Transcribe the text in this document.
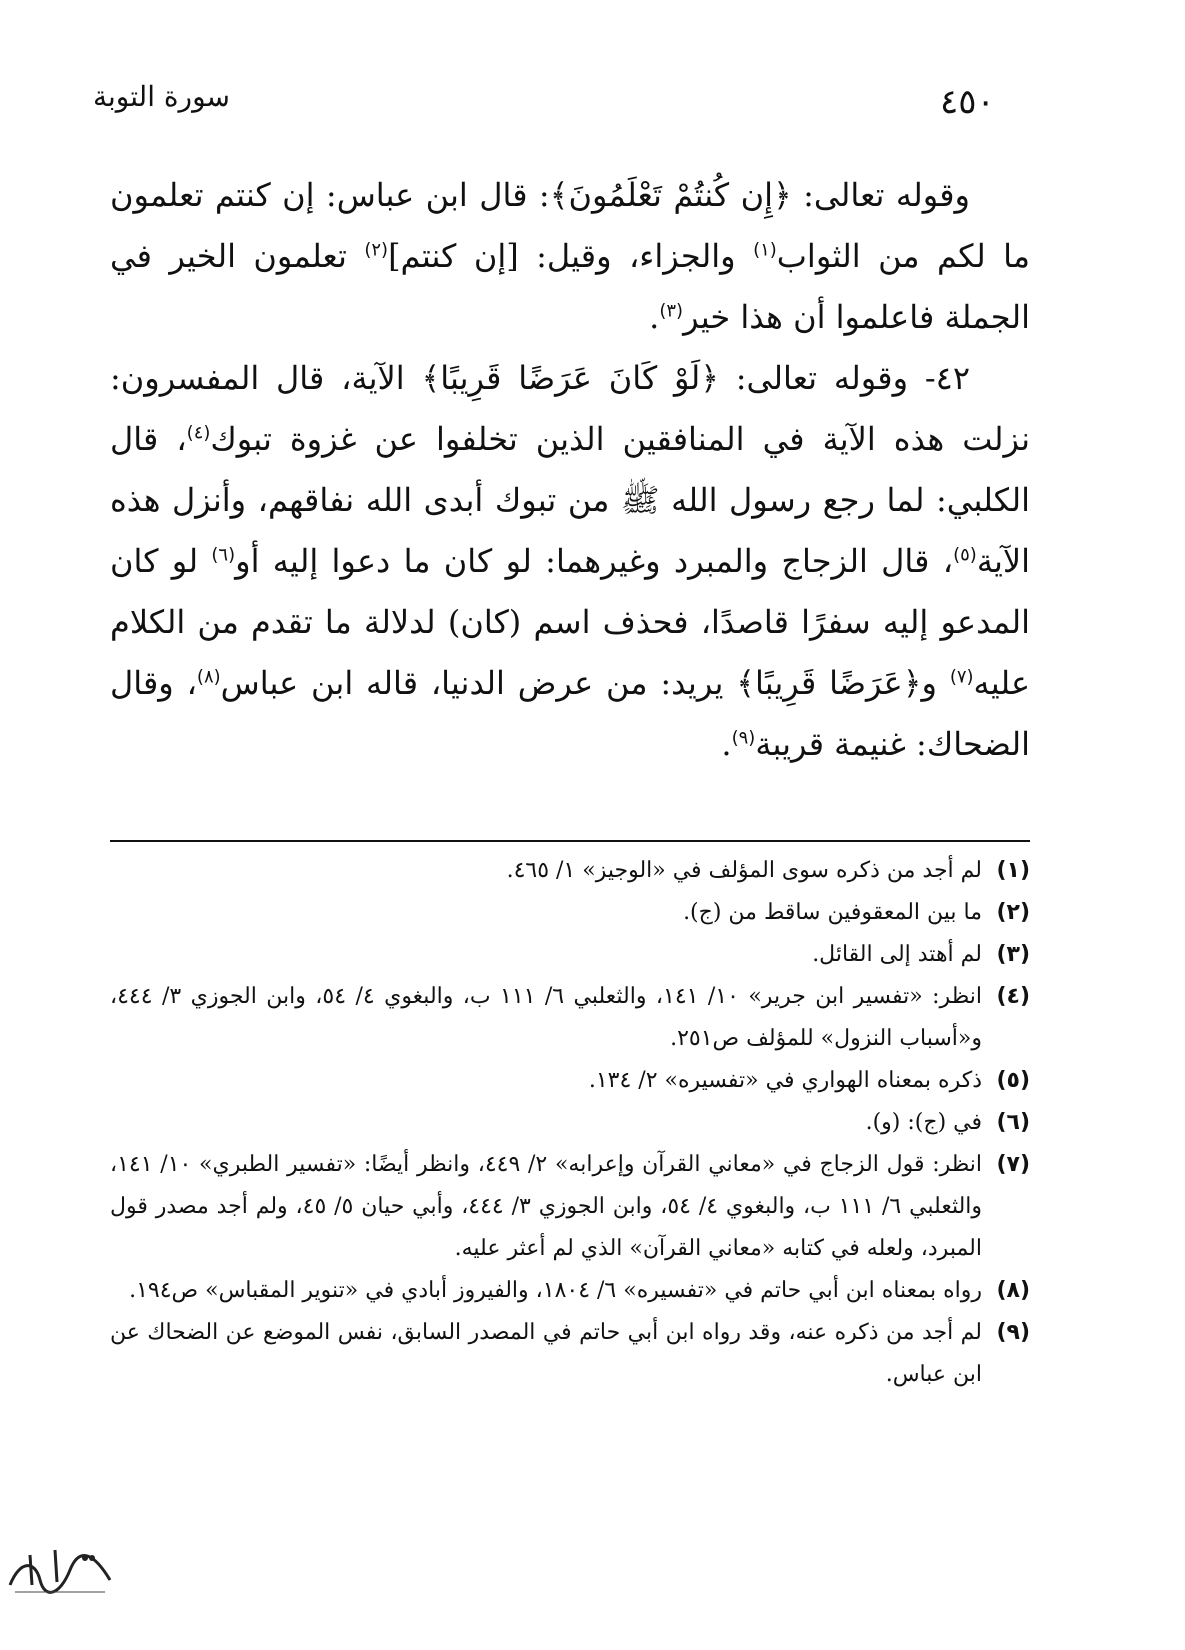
سورة التوبة	٤٥٠

وقوله تعالى: ﴿إِن كُنتُمْ تَعْلَمُونَ﴾: قال ابن عباس: إن كنتم تعلمون ما لكم من الثواب$^{(١)}$ والجزاء، وقيل: [إن كنتم]$^{(٢)}$ تعلمون الخير في الجملة فاعلموا أن هذا خير$^{(٣)}$.

٤٢- وقوله تعالى: ﴿لَوْ كَانَ عَرَضًا قَرِيبًا﴾ الآية، قال المفسرون: نزلت هذه الآية في المنافقين الذين تخلفوا عن غزوة تبوك$^{(٤)}$، قال الكلبي: لما رجع رسول الله ﷺ من تبوك أبدى الله نفاقهم، وأنزل هذه الآية$^{(٥)}$، قال الزجاج والمبرد وغيرهما: لو كان ما دعوا إليه أو$^{(٦)}$ لو كان المدعو إليه سفرًا قاصدًا، فحذف اسم (كان) لدلالة ما تقدم من الكلام عليه$^{(٧)}$ و﴿عَرَضًا قَرِيبًا﴾ يريد: من عرض الدنيا، قاله ابن عباس$^{(٨)}$، وقال الضحاك: غنيمة قريبة$^{(٩)}$.

(١)
لم أجد من ذكره سوى المؤلف في «الوجيز» ١/ ٤٦٥.
(٢)
ما بين المعقوفين ساقط من (ج).
(٣)
لم أهتد إلى القائل.
(٤)
انظر: «تفسير ابن جرير» ١٠/ ١٤١، والثعلبي ٦/ ١١١ ب، والبغوي ٤/ ٥٤، وابن الجوزي ٣/ ٤٤٤، و«أسباب النزول» للمؤلف ص٢٥١.
(٥)
ذكره بمعناه الهواري في «تفسيره» ٢/ ١٣٤.
(٦)
في (ج): (و).
(٧)
انظر: قول الزجاج في «معاني القرآن وإعرابه» ٢/ ٤٤٩، وانظر أيضًا: «تفسير الطبري» ١٠/ ١٤١، والثعلبي ٦/ ١١١ ب، والبغوي ٤/ ٥٤، وابن الجوزي ٣/ ٤٤٤، وأبي حيان ٥/ ٤٥، ولم أجد مصدر قول المبرد، ولعله في كتابه «معاني القرآن» الذي لم أعثر عليه.
(٨)
رواه بمعناه ابن أبي حاتم في «تفسيره» ٦/ ١٨٠٤، والفيروز أبادي في «تنوير المقباس» ص١٩٤.
(٩)
لم أجد من ذكره عنه، وقد رواه ابن أبي حاتم في المصدر السابق، نفس الموضع عن الضحاك عن ابن عباس.
